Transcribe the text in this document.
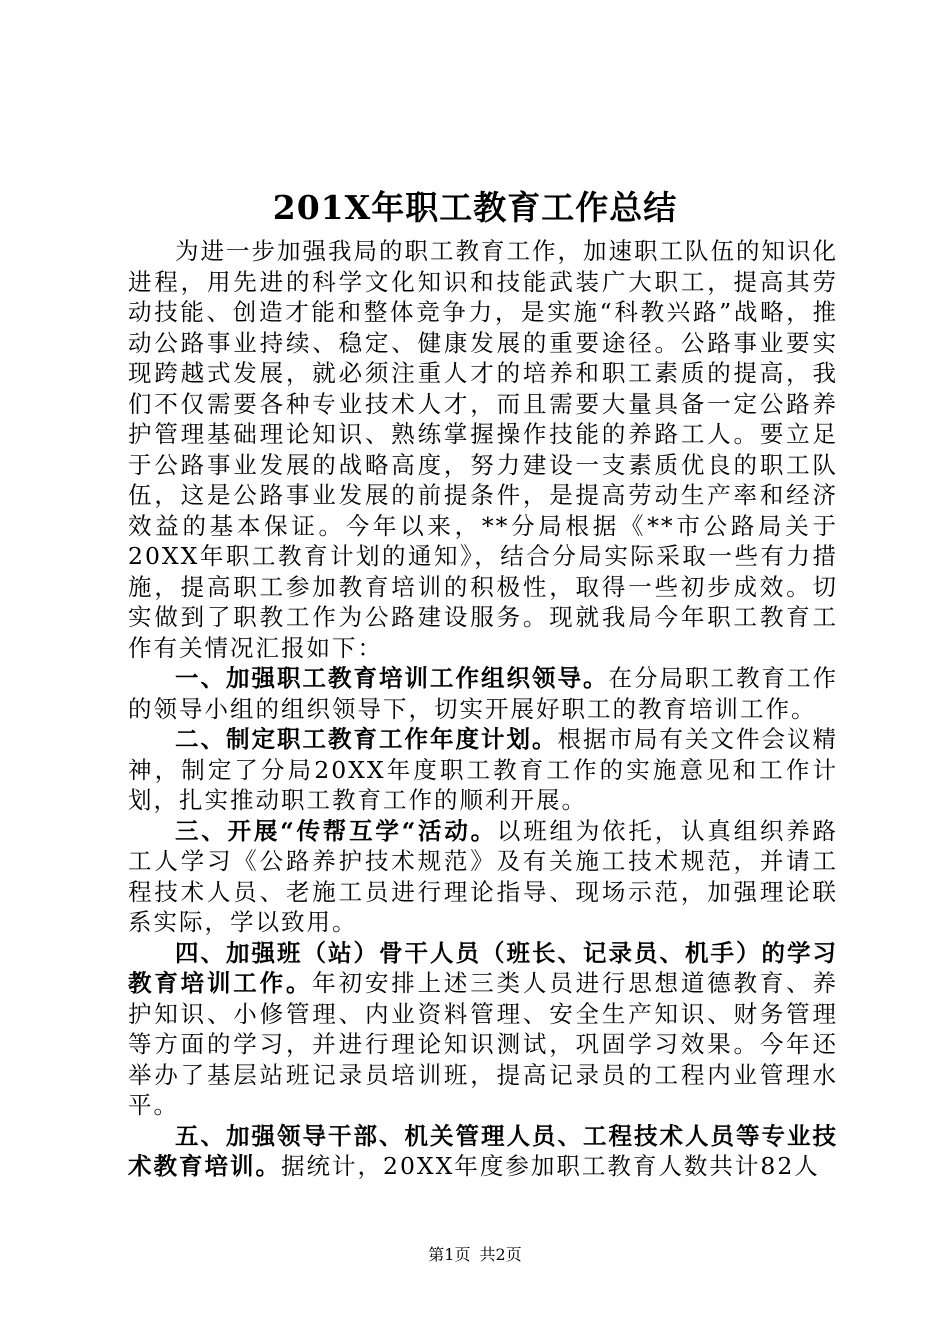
201X年职工教育工作总结

为进一步加强我局的职工教育工作，加速职工队伍的知识化进程，用先进的科学文化知识和技能武装广大职工，提高其劳动技能、创造才能和整体竞争力，是实施“科教兴路”战略，推动公路事业持续、稳定、健康发展的重要途径。公路事业要实现跨越式发展，就必须注重人才的培养和职工素质的提高，我们不仅需要各种专业技术人才，而且需要大量具备一定公路养护管理基础理论知识、熟练掌握操作技能的养路工人。要立足于公路事业发展的战略高度，努力建设一支素质优良的职工队伍，这是公路事业发展的前提条件，是提高劳动生产率和经济效益的基本保证。今年以来，**分局根据《**市公路局关于20XX年职工教育计划的通知》，结合分局实际采取一些有力措施，提高职工参加教育培训的积极性，取得一些初步成效。切实做到了职教工作为公路建设服务。现就我局今年职工教育工作有关情况汇报如下：

一、加强职工教育培训工作组织领导。在分局职工教育工作的领导小组的组织领导下，切实开展好职工的教育培训工作。

二、制定职工教育工作年度计划。根据市局有关文件会议精神，制定了分局20XX年度职工教育工作的实施意见和工作计划，扎实推动职工教育工作的顺利开展。

三、开展“传帮互学“活动。以班组为依托，认真组织养路工人学习《公路养护技术规范》及有关施工技术规范，并请工程技术人员、老施工员进行理论指导、现场示范，加强理论联系实际，学以致用。

四、加强班（站）骨干人员（班长、记录员、机手）的学习教育培训工作。年初安排上述三类人员进行思想道德教育、养护知识、小修管理、内业资料管理、安全生产知识、财务管理等方面的学习，并进行理论知识测试，巩固学习效果。今年还举办了基层站班记录员培训班，提高记录员的工程内业管理水平。

五、加强领导干部、机关管理人员、工程技术人员等专业技术教育培训。据统计，20XX年度参加职工教育人数共计82人

第1页 共2页
